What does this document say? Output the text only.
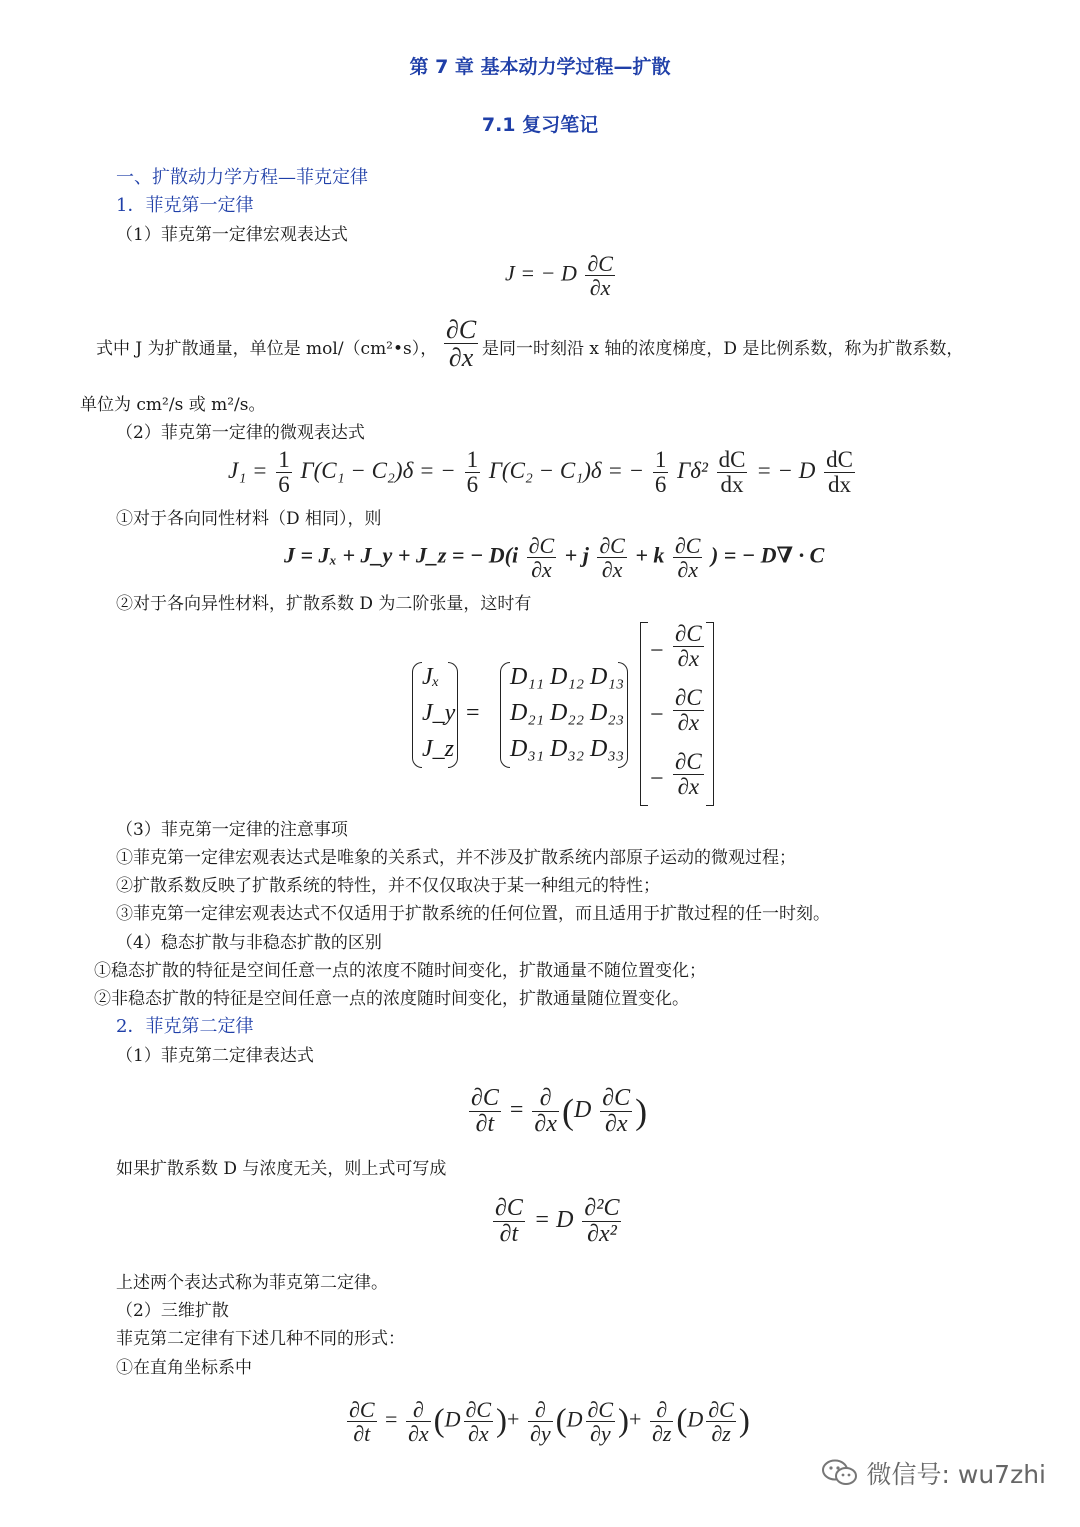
第 7 章 基本动力学过程—扩散
7.1 复习笔记
一、扩散动力学方程—菲克定律
1．菲克第一定律
（1）菲克第一定律宏观表达式
J = − D $\frac{\partial C}{\partial x}$
式中 J 为扩散通量，单位是 mol/（cm²•s）， $\frac{\partial C}{\partial x}$ 是同一时刻沿 x 轴的浓度梯度，D 是比例系数，称为扩散系数，
单位为 cm²/s 或 m²/s。
（2）菲克第一定律的微观表达式
$J_1 = \frac{1}{6} \Gamma(C_1 - C_2)\delta$ = − $\frac{1}{6} \Gamma(C_2 - C_1)\delta$ = − $\frac{1}{6} \Gamma\delta^2 \frac{dC}{dx}$ = − D $\frac{dC}{dx}$
①对于各向同性材料（D 相同），则
J = Jₓ + J_y + J_z = − $D(i \frac{\partial C}{\partial x} + j \frac{\partial C}{\partial x} + k \frac{\partial C}{\partial x}$ ) = − D∇ · C
②对于各向异性材料，扩散系数 D 为二阶张量，这时有
Jₓ
J_y
J_z
=
D₁₁ D₁₂ D₁₃
D₂₁ D₂₂ D₂₃
D₃₁ D₃₂ D₃₃
− $\frac{\partial C}{\partial x}$
− $\frac{\partial C}{\partial x}$
− $\frac{\partial C}{\partial x}$
（3）菲克第一定律的注意事项
①菲克第一定律宏观表达式是唯象的关系式，并不涉及扩散系统内部原子运动的微观过程；
②扩散系数反映了扩散系统的特性，并不仅仅取决于某一种组元的特性；
③菲克第一定律宏观表达式不仅适用于扩散系统的任何位置，而且适用于扩散过程的任一时刻。
（4）稳态扩散与非稳态扩散的区别
①稳态扩散的特征是空间任意一点的浓度不随时间变化，扩散通量不随位置变化；
②非稳态扩散的特征是空间任意一点的浓度随时间变化，扩散通量随位置变化。
2．菲克第二定律
（1）菲克第二定律表达式
$\frac{\partial C}{\partial t} = \frac{\partial}{\partial x} (D \frac{\partial C}{\partial x}$ )
如果扩散系数 D 与浓度无关，则上式可写成
$\frac{\partial C}{\partial t} = D \frac{\text{∂²C}}{\text{∂x²}}$
上述两个表达式称为菲克第二定律。
（2）三维扩散
菲克第二定律有下述几种不同的形式：
①在直角坐标系中
$\frac{\partial C}{\partial t} = \frac{\partial}{\partial x} (D \frac{\partial C}{\partial x}$ )+ $\frac{\partial}{\partial y} (D \frac{\partial C}{\partial y}$ )+ $\frac{\partial}{\partial z} (D \frac{\partial C}{\partial z}$ )
微信号: wu7zhi
